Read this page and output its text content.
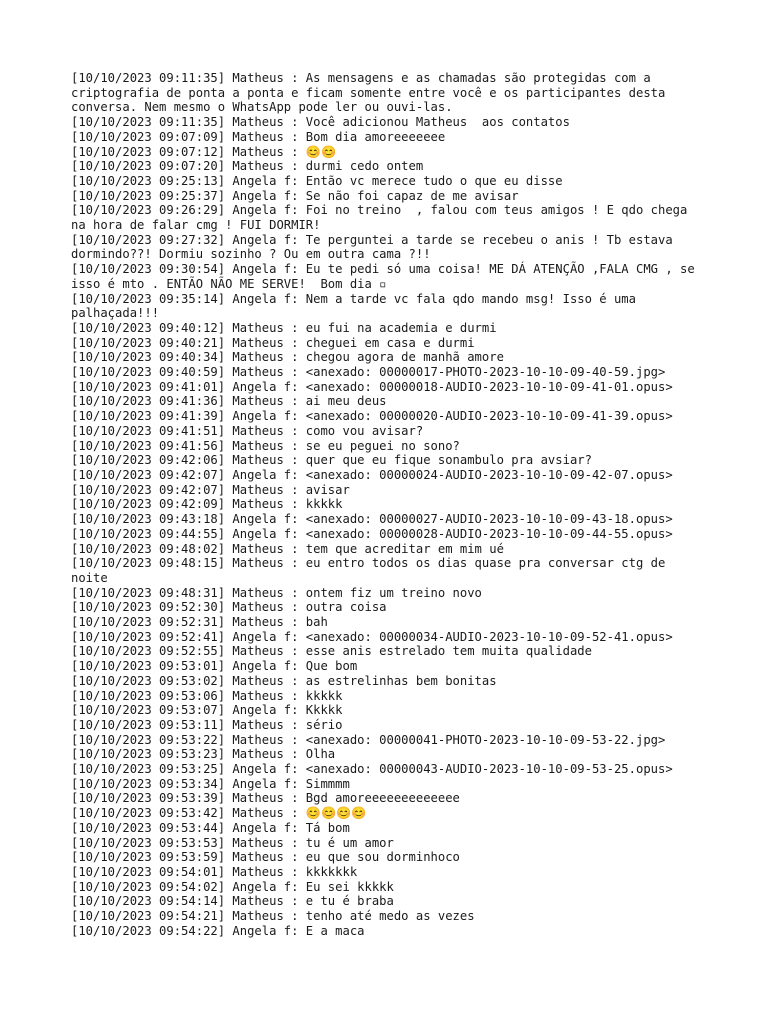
[10/10/2023 09:11:35] Matheus : As mensagens e as chamadas são protegidas com a criptografia de ponta a ponta e ficam somente entre você e os participantes desta conversa. Nem mesmo o WhatsApp pode ler ou ouvi-las.
[10/10/2023 09:11:35] Matheus : Você adicionou Matheus  aos contatos
[10/10/2023 09:07:09] Matheus : Bom dia amoreeeeeee
[10/10/2023 09:07:12] Matheus : 😊😊
[10/10/2023 09:07:20] Matheus : durmi cedo ontem
[10/10/2023 09:25:13] Angela f: Então vc merece tudo o que eu disse
[10/10/2023 09:25:37] Angela f: Se não foi capaz de me avisar
[10/10/2023 09:26:29] Angela f: Foi no treino  , falou com teus amigos ! E qdo chega na hora de falar cmg ! FUI DORMIR!
[10/10/2023 09:27:32] Angela f: Te perguntei a tarde se recebeu o anis ! Tb estava dormindo??! Dormiu sozinho ? Ou em outra cama ?!!
[10/10/2023 09:30:54] Angela f: Eu te pedi só uma coisa! ME DÁ ATENÇÃO ,FALA CMG , se isso é mto . ENTÃO NÃO ME SERVE!  Bom dia ▫
[10/10/2023 09:35:14] Angela f: Nem a tarde vc fala qdo mando msg! Isso é uma palhaçada!!!
[10/10/2023 09:40:12] Matheus : eu fui na academia e durmi
[10/10/2023 09:40:21] Matheus : cheguei em casa e durmi
[10/10/2023 09:40:34] Matheus : chegou agora de manhã amore
[10/10/2023 09:40:59] Matheus : <anexado: 00000017-PHOTO-2023-10-10-09-40-59.jpg>
[10/10/2023 09:41:01] Angela f: <anexado: 00000018-AUDIO-2023-10-10-09-41-01.opus>
[10/10/2023 09:41:36] Matheus : ai meu deus
[10/10/2023 09:41:39] Angela f: <anexado: 00000020-AUDIO-2023-10-10-09-41-39.opus>
[10/10/2023 09:41:51] Matheus : como vou avisar?
[10/10/2023 09:41:56] Matheus : se eu peguei no sono?
[10/10/2023 09:42:06] Matheus : quer que eu fique sonambulo pra avsiar?
[10/10/2023 09:42:07] Angela f: <anexado: 00000024-AUDIO-2023-10-10-09-42-07.opus>
[10/10/2023 09:42:07] Matheus : avisar
[10/10/2023 09:42:09] Matheus : kkkkk
[10/10/2023 09:43:18] Angela f: <anexado: 00000027-AUDIO-2023-10-10-09-43-18.opus>
[10/10/2023 09:44:55] Angela f: <anexado: 00000028-AUDIO-2023-10-10-09-44-55.opus>
[10/10/2023 09:48:02] Matheus : tem que acreditar em mim ué
[10/10/2023 09:48:15] Matheus : eu entro todos os dias quase pra conversar ctg de noite
[10/10/2023 09:48:31] Matheus : ontem fiz um treino novo
[10/10/2023 09:52:30] Matheus : outra coisa
[10/10/2023 09:52:31] Matheus : bah
[10/10/2023 09:52:41] Angela f: <anexado: 00000034-AUDIO-2023-10-10-09-52-41.opus>
[10/10/2023 09:52:55] Matheus : esse anis estrelado tem muita qualidade
[10/10/2023 09:53:01] Angela f: Que bom
[10/10/2023 09:53:02] Matheus : as estrelinhas bem bonitas
[10/10/2023 09:53:06] Matheus : kkkkk
[10/10/2023 09:53:07] Angela f: Kkkkk
[10/10/2023 09:53:11] Matheus : sério
[10/10/2023 09:53:22] Matheus : <anexado: 00000041-PHOTO-2023-10-10-09-53-22.jpg>
[10/10/2023 09:53:23] Matheus : Olha
[10/10/2023 09:53:25] Angela f: <anexado: 00000043-AUDIO-2023-10-10-09-53-25.opus>
[10/10/2023 09:53:34] Angela f: Simmmm
[10/10/2023 09:53:39] Matheus : Bgd amoreeeeeeeeeeeee
[10/10/2023 09:53:42] Matheus : 😊😊😊😊
[10/10/2023 09:53:44] Angela f: Tá bom
[10/10/2023 09:53:53] Matheus : tu é um amor
[10/10/2023 09:53:59] Matheus : eu que sou dorminhoco
[10/10/2023 09:54:01] Matheus : kkkkkkk
[10/10/2023 09:54:02] Angela f: Eu sei kkkkk
[10/10/2023 09:54:14] Matheus : e tu é braba
[10/10/2023 09:54:21] Matheus : tenho até medo as vezes
[10/10/2023 09:54:22] Angela f: E a maca
